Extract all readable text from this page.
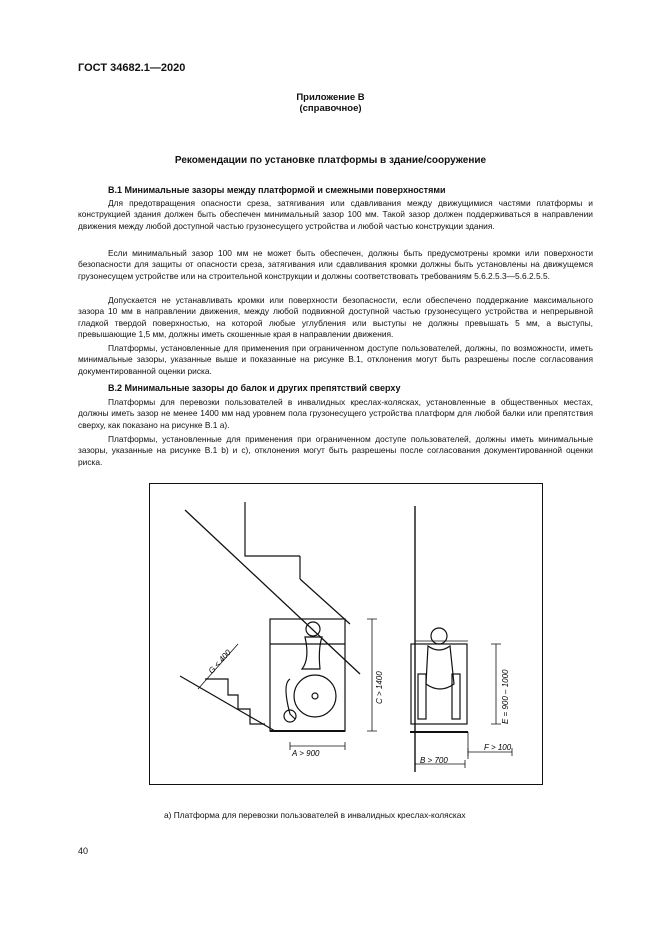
ГОСТ 34682.1—2020
Приложение В
(справочное)
Рекомендации по установке платформы в здание/сооружение
В.1 Минимальные зазоры между платформой и смежными поверхностями

Для предотвращения опасности среза, затягивания или сдавливания между движущимися частями платформы и конструкцией здания должен быть обеспечен минимальный зазор 100 мм. Такой зазор должен поддерживаться в направлении движения между любой доступной частью грузонесущего устройства и любой частью конструкции здания.

Если минимальный зазор 100 мм не может быть обеспечен, должны быть предусмотрены кромки или поверхности безопасности для защиты от опасности среза, затягивания или сдавливания кромки должны быть установлены на движущемся грузонесущем устройстве или на строительной конструкции и должны соответствовать требованиям 5.6.2.5.3—5.6.2.5.5.

Допускается не устанавливать кромки или поверхности безопасности, если обеспечено поддержание максимального зазора 10 мм в направлении движения, между любой подвижной доступной частью грузонесущего устройства и непрерывной гладкой твердой поверхностью, на которой любые углубления или выступы не должны превышать 5 мм, а выступы, превышающие 1,5 мм, должны иметь скошенные края в направлении движения.

Платформы, установленные для применения при ограниченном доступе пользователей, должны, по возможности, иметь минимальные зазоры, указанные выше и показанные на рисунке В.1, отклонения могут быть разрешены после согласования документированной оценки риска.

В.2 Минимальные зазоры до балок и других препятствий сверху

Платформы для перевозки пользователей в инвалидных креслах-колясках, установленные в общественных местах, должны иметь зазор не менее 1400 мм над уровнем пола грузонесущего устройства платформ для любой балки или препятствия сверху, как показано на рисунке В.1 а).

Платформы, установленные для применения при ограниченном доступе пользователей, должны иметь минимальные зазоры, указанные на рисунке В.1 b) и с), отклонения могут быть разрешены после согласования документированной оценки риска.

A > 900
C > 1400
G < 400
E = 900 – 1000
F > 100
B > 700
а) Платформа для перевозки пользователей в инвалидных креслах-колясках
40
